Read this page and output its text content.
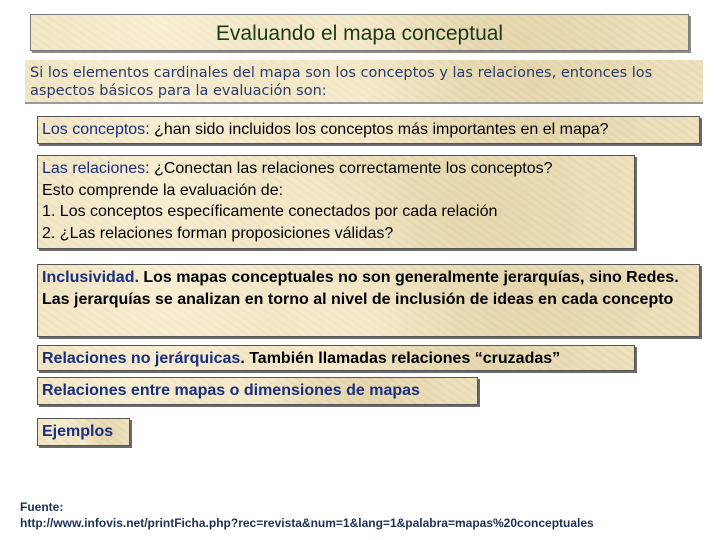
Evaluando el mapa conceptual
Si los elementos cardinales del mapa son los conceptos y las relaciones, entonces los aspectos básicos para la evaluación son:
Los conceptos: ¿han sido incluidos los conceptos más importantes en el mapa?
Las relaciones: ¿Conectan las relaciones correctamente los conceptos?
Esto comprende la evaluación de:
1. Los conceptos específicamente conectados por cada relación
2. ¿Las relaciones forman proposiciones válidas?
Inclusividad. Los mapas conceptuales no son generalmente jerarquías, sino Redes. Las jerarquías se analizan en torno al nivel de inclusión de ideas en cada concepto
Relaciones no jerárquicas. También llamadas relaciones “cruzadas”
Relaciones entre mapas o dimensiones de mapas
Ejemplos
Fuente:
http://www.infovis.net/printFicha.php?rec=revista&num=1&lang=1&palabra=mapas%20conceptuales
